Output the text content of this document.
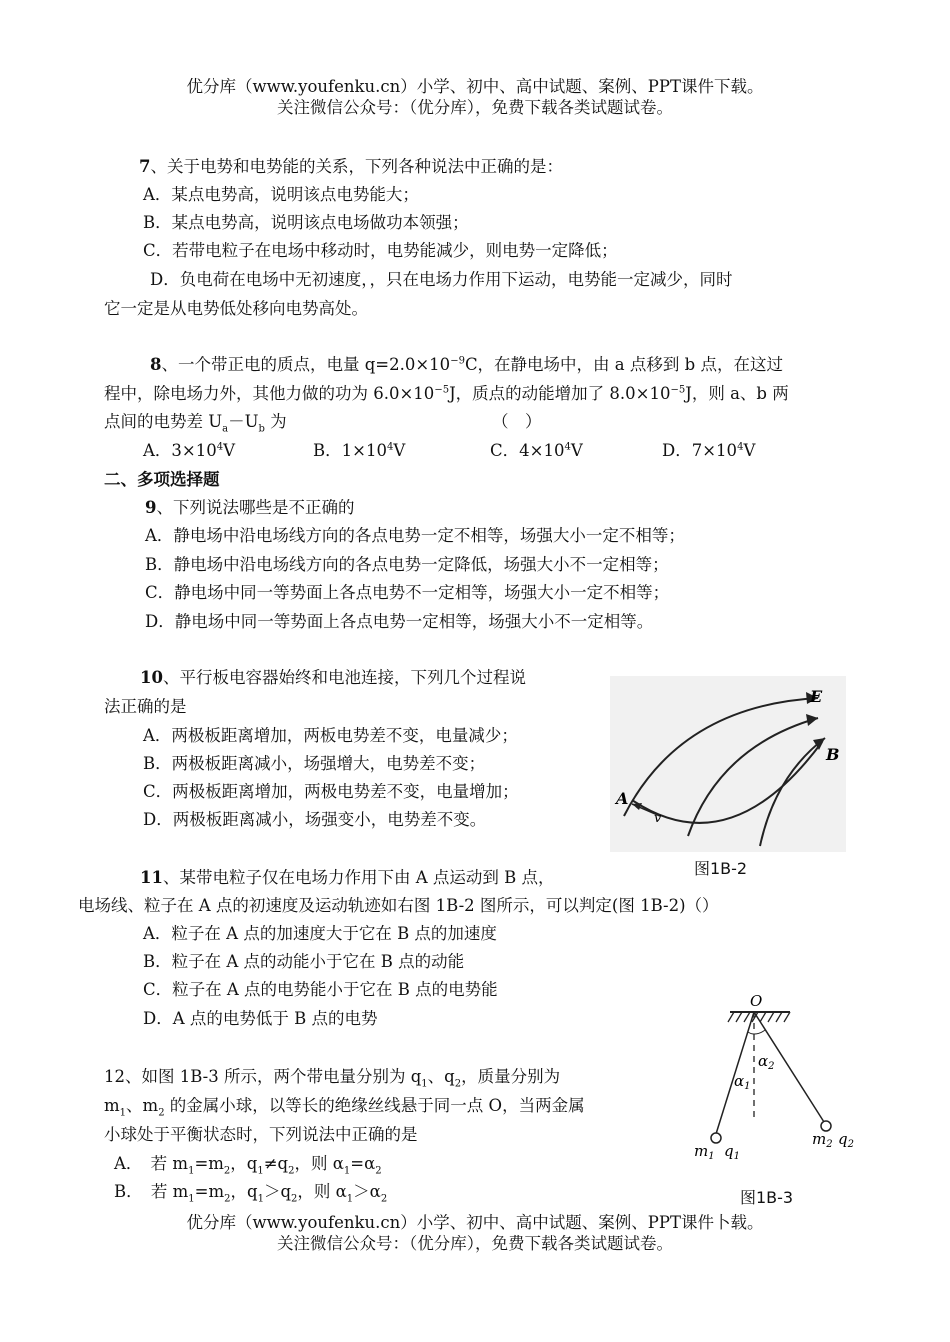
优分库（www.youfenku.cn）小学、初中、高中试题、案例、PPT课件下载。
关注微信公众号：（优分库），免费下载各类试题试卷。
7、关于电势和电势能的关系，下列各种说法中正确的是：
A．某点电势高，说明该点电势能大；
B．某点电势高，说明该点电场做功本领强；
C．若带电粒子在电场中移动时，电势能减少，则电势一定降低；
D．负电荷在电场中无初速度，，只在电场力作用下运动，电势能一定减少，同时
它一定是从电势低处移向电势高处。
8、一个带正电的质点，电量 $q=2.0\times 10^{-9}C$，在静电场中，由 a 点移到 b 点，在这过
程中，除电场力外，其他力做的功为 $6.0\times 10^{-5}J$，质点的动能增加了 $8.0\times 10^{-5}J$，则 a、b 两
点间的电势差 $U_a-U_b$ 为	（　）
A．$3\times 10^4V$	B．$1\times 10^4V$	C．$4\times 10^4V$	D．$7\times 10^4V$
二、多项选择题
9、下列说法哪些是不正确的
A．静电场中沿电场线方向的各点电势一定不相等，场强大小一定不相等；
B．静电场中沿电场线方向的各点电势一定降低，场强大小不一定相等；
C．静电场中同一等势面上各点电势不一定相等，场强大小一定不相等；
D．静电场中同一等势面上各点电势一定相等，场强大小不一定相等。
10、平行板电容器始终和电池连接，下列几个过程说
法正确的是
A．两极板距离增加，两板电势差不变，电量减少；
B．两极板距离减小，场强增大，电势差不变；
C．两极板距离增加，两极电势差不变，电量增加；
D．两极板距离减小，场强变小，电势差不变。
E
B
A
v
图1B-2
11、某带电粒子仅在电场力作用下由 A 点运动到 B 点，
电场线、粒子在 A 点的初速度及运动轨迹如右图 1B-2 图所示，可以判定(图 1B-2)（）
A．粒子在 A 点的加速度大于它在 B 点的加速度
B．粒子在 A 点的动能小于它在 B 点的动能
C．粒子在 A 点的电势能小于它在 B 点的电势能
D．A 点的电势低于 B 点的电势
O
$\alpha_2$
$\alpha_1$
$m_1$ $q_1$
$m_2$ $q_2$
图1B-3
12、如图 1B-3 所示，两个带电量分别为 $q_1$、$q_2$，质量分别为
$m_1$、$m_2$ 的金属小球，以等长的绝缘丝线悬于同一点 O，当两金属
小球处于平衡状态时，下列说法中正确的是
A．　若 $m_1=m_2$，$q_1\ne q_2$，则 $\alpha_1=\alpha_2$
B．　若 $m_1=m_2$，$q_1>q_2$，则 $\alpha_1>\alpha_2$
优分库（www.youfenku.cn）小学、初中、高中试题、案例、PPT课件卜载。
关注微信公众号：（优分库），免费下载各类试题试卷。
